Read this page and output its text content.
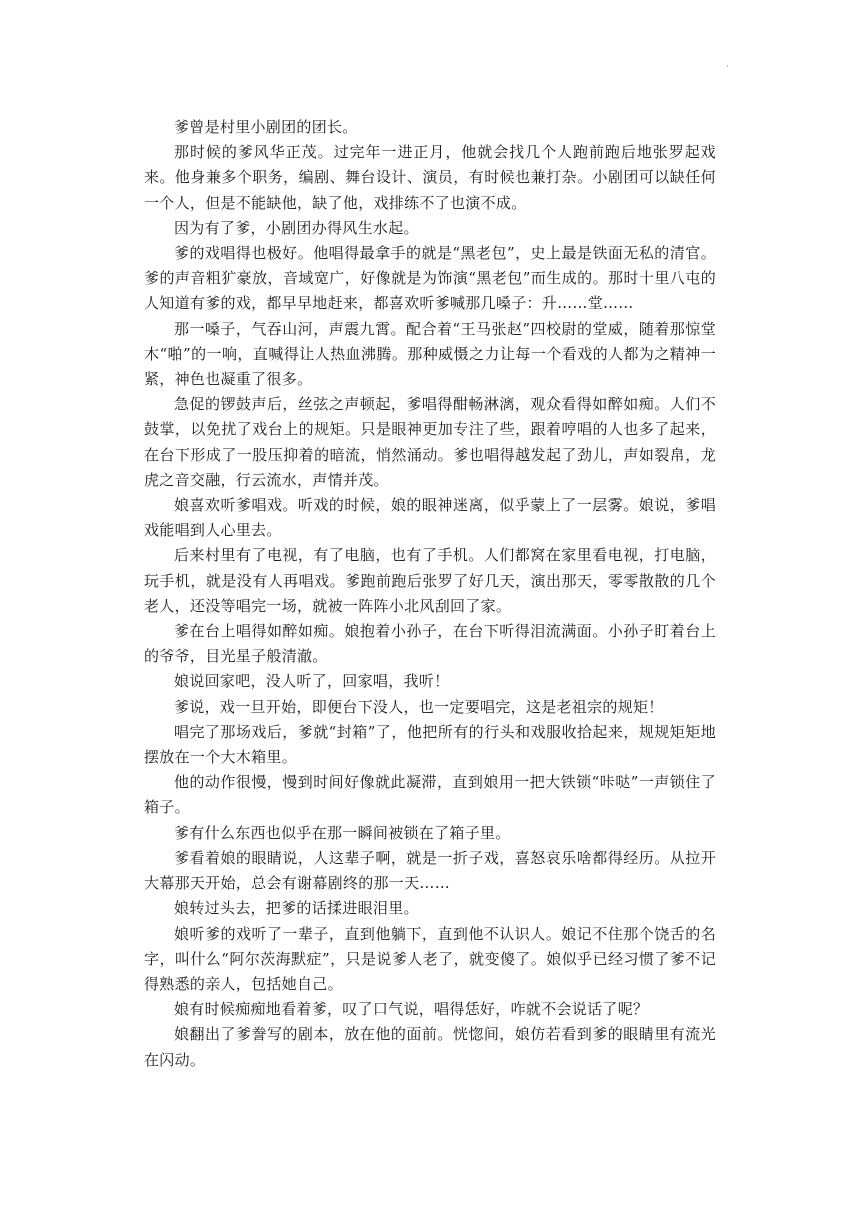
·

爹曾是村里小剧团的团长。

那时候的爹风华正茂。过完年一进正月，他就会找几个人跑前跑后地张罗起戏来。他身兼多个职务，编剧、舞台设计、演员，有时候也兼打杂。小剧团可以缺任何一个人，但是不能缺他，缺了他，戏排练不了也演不成。

因为有了爹，小剧团办得风生水起。

爹的戏唱得也极好。他唱得最拿手的就是“黑老包”，史上最是铁面无私的清官。爹的声音粗犷豪放，音域宽广，好像就是为饰演“黑老包”而生成的。那时十里八屯的人知道有爹的戏，都早早地赶来，都喜欢听爹喊那几嗓子：升……堂……

那一嗓子，气吞山河，声震九霄。配合着“王马张赵”四校尉的堂威，随着那惊堂木“啪”的一响，直喊得让人热血沸腾。那种威慑之力让每一个看戏的人都为之精神一紧，神色也凝重了很多。

急促的锣鼓声后，丝弦之声顿起，爹唱得酣畅淋漓，观众看得如醉如痴。人们不鼓掌，以免扰了戏台上的规矩。只是眼神更加专注了些，跟着哼唱的人也多了起来，在台下形成了一股压抑着的暗流，悄然涌动。爹也唱得越发起了劲儿，声如裂帛，龙虎之音交融，行云流水，声情并茂。

娘喜欢听爹唱戏。听戏的时候，娘的眼神迷离，似乎蒙上了一层雾。娘说，爹唱戏能唱到人心里去。

后来村里有了电视，有了电脑，也有了手机。人们都窝在家里看电视，打电脑，玩手机，就是没有人再唱戏。爹跑前跑后张罗了好几天，演出那天，零零散散的几个老人，还没等唱完一场，就被一阵阵小北风刮回了家。

爹在台上唱得如醉如痴。娘抱着小孙子，在台下听得泪流满面。小孙子盯着台上的爷爷，目光星子般清澈。

娘说回家吧，没人听了，回家唱，我听！

爹说，戏一旦开始，即便台下没人，也一定要唱完，这是老祖宗的规矩！

唱完了那场戏后，爹就“封箱”了，他把所有的行头和戏服收拾起来，规规矩矩地摆放在一个大木箱里。

他的动作很慢，慢到时间好像就此凝滞，直到娘用一把大铁锁“咔哒”一声锁住了箱子。

爹有什么东西也似乎在那一瞬间被锁在了箱子里。

爹看着娘的眼睛说，人这辈子啊，就是一折子戏，喜怒哀乐啥都得经历。从拉开大幕那天开始，总会有谢幕剧终的那一天……

娘转过头去，把爹的话揉进眼泪里。

娘听爹的戏听了一辈子，直到他躺下，直到他不认识人。娘记不住那个饶舌的名字，叫什么“阿尔茨海默症”，只是说爹人老了，就变傻了。娘似乎已经习惯了爹不记得熟悉的亲人，包括她自己。

娘有时候痴痴地看着爹，叹了口气说，唱得恁好，咋就不会说话了呢？

娘翻出了爹誊写的剧本，放在他的面前。恍惚间，娘仿若看到爹的眼睛里有流光在闪动。
